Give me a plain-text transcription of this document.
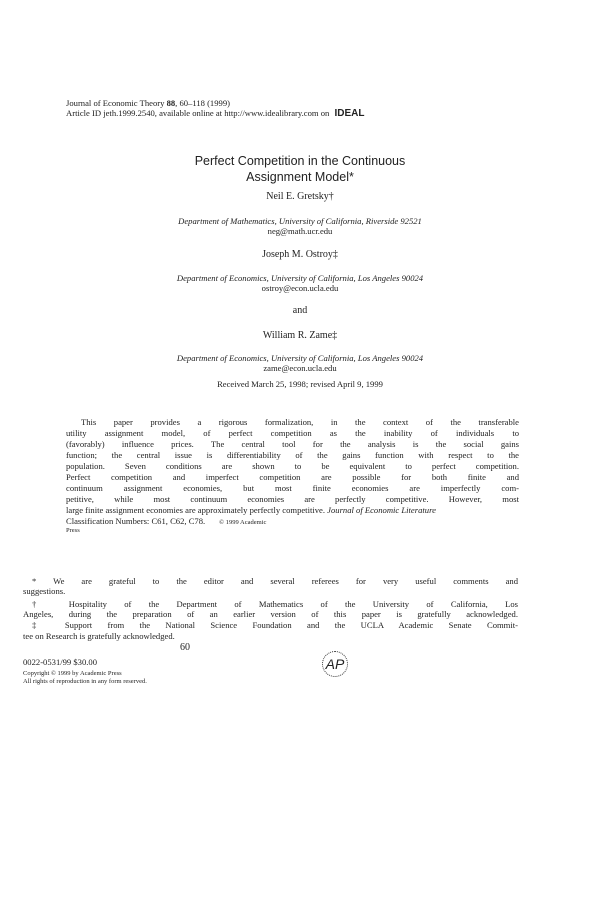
Journal of Economic Theory 88, 60–118 (1999)
Article ID jeth.1999.2540, available online at http://www.idealibrary.com on IDEAL
Perfect Competition in the Continuous
Assignment Model*
Neil E. Gretsky†
Department of Mathematics, University of California, Riverside 92521
neg@math.ucr.edu
Joseph M. Ostroy‡
Department of Economics, University of California, Los Angeles 90024
ostroy@econ.ucla.edu
and
William R. Zame‡
Department of Economics, University of California, Los Angeles 90024
zame@econ.ucla.edu
Received March 25, 1998; revised April 9, 1999
This paper provides a rigorous formalization, in the context of the transferable
utility assignment model, of perfect competition as the inability of individuals to
(favorably) influence prices. The central tool for the analysis is the social gains
function; the central issue is differentiability of the gains function with respect to the
population. Seven conditions are shown to be equivalent to perfect competition.
Perfect competition and imperfect competition are possible for both finite and
continuum assignment economies, but most finite economies are imperfectly com-
petitive, while most continuum economies are perfectly competitive. However, most
large finite assignment economies are approximately perfectly competitive. Journal of Economic Literature
Classification Numbers: C61, C62, C78. © 1999 Academic
Press
* We are grateful to the editor and several referees for very useful comments and
suggestions.
† Hospitality of the Department of Mathematics of the University of California, Los
Angeles, during the preparation of an earlier version of this paper is gratefully acknowledged.
‡ Support from the National Science Foundation and the UCLA Academic Senate Commit-
tee on Research is gratefully acknowledged.
60
0022-0531/99 $30.00
Copyright © 1999 by Academic Press
All rights of reproduction in any form reserved.
AP
